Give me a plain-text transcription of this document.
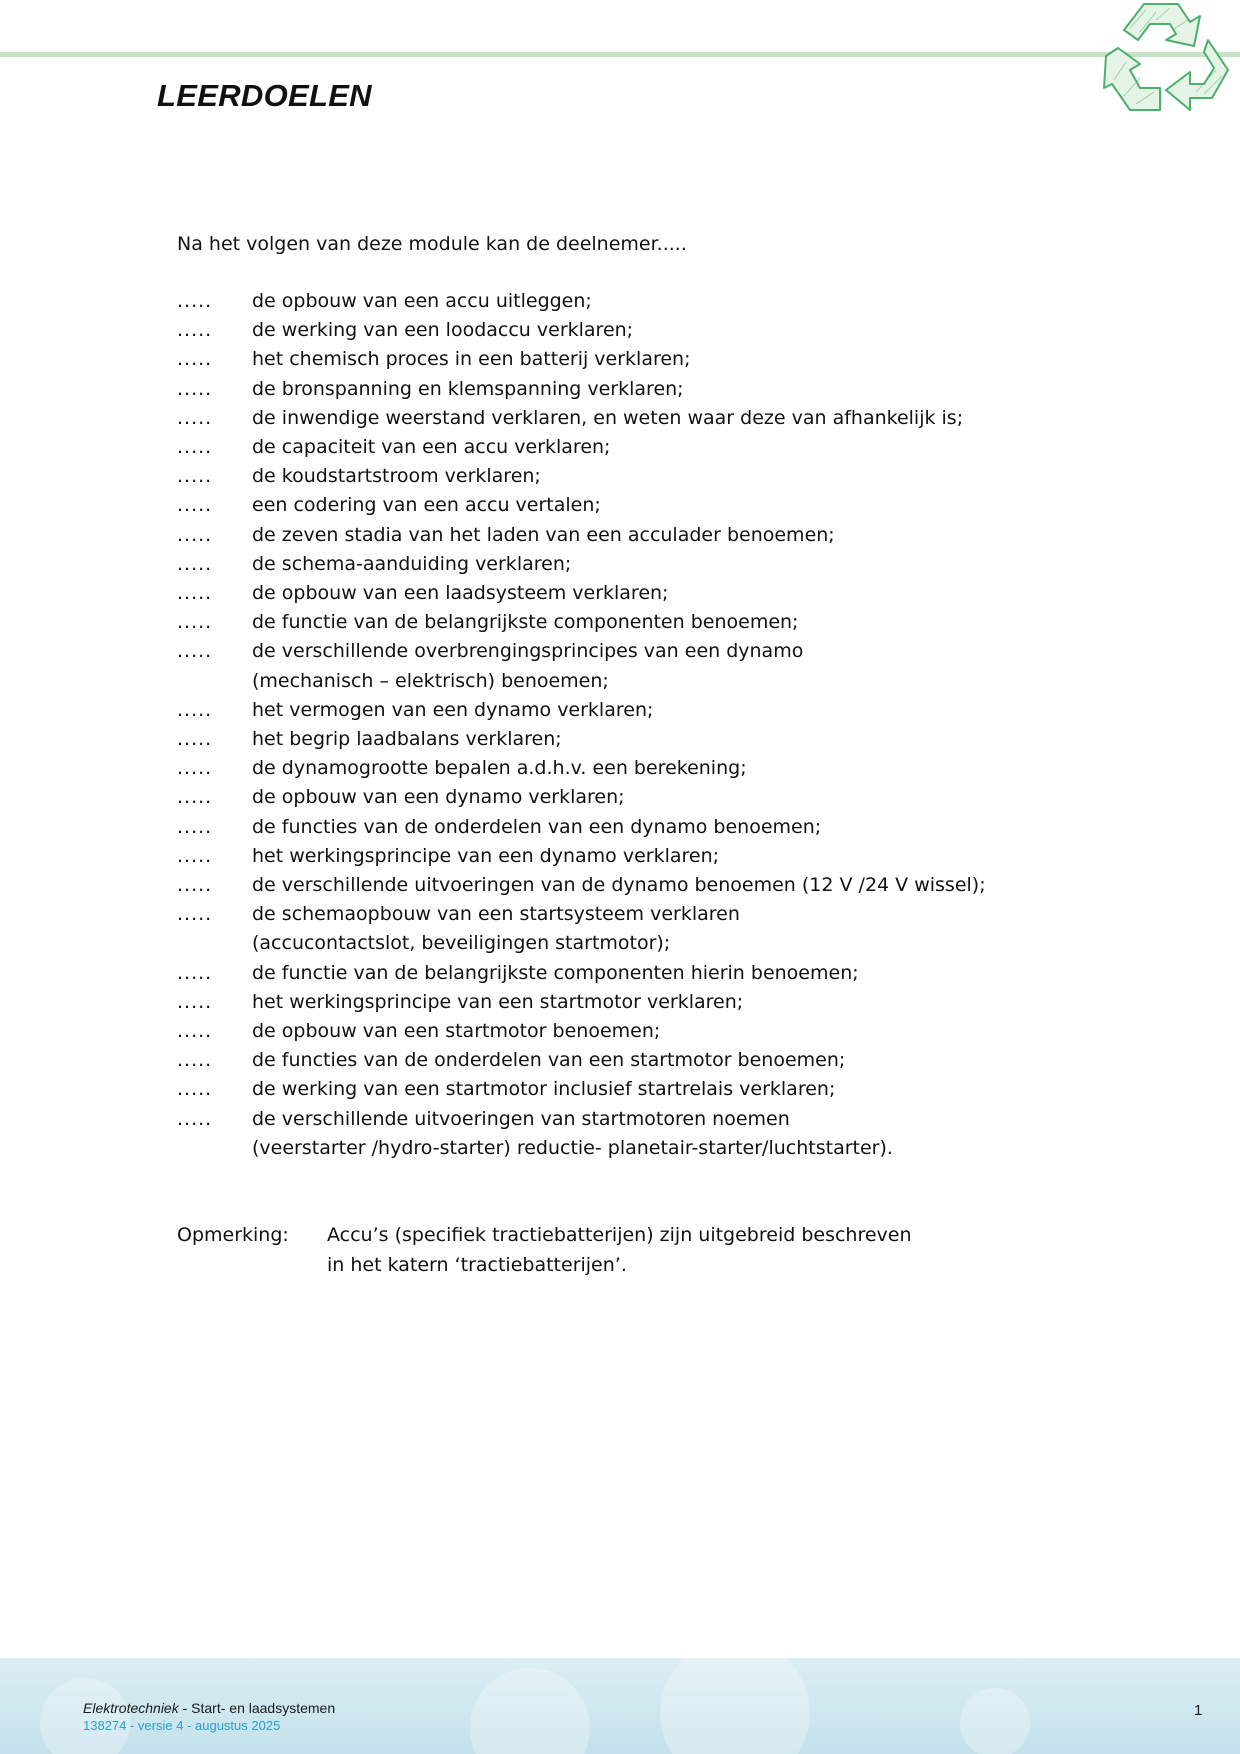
LEERDOELEN
Na het volgen van deze module kan de deelnemer.....
.....	de opbouw van een accu uitleggen;
.....	de werking van een loodaccu verklaren;
.....	het chemisch proces in een batterij verklaren;
.....	de bronspanning en klemspanning verklaren;
.....	de inwendige weerstand verklaren, en weten waar deze van afhankelijk is;
.....	de capaciteit van een accu verklaren;
.....	de koudstartstroom verklaren;
.....	een codering van een accu vertalen;
.....	de zeven stadia van het laden van een acculader benoemen;
.....	de schema-aanduiding verklaren;
.....	de opbouw van een laadsysteem verklaren;
.....	de functie van de belangrijkste componenten benoemen;
.....	de verschillende overbrengingsprincipes van een dynamo
(mechanisch – elektrisch) benoemen;
.....	het vermogen van een dynamo verklaren;
.....	het begrip laadbalans verklaren;
.....	de dynamogrootte bepalen a.d.h.v. een berekening;
.....	de opbouw van een dynamo verklaren;
.....	de functies van de onderdelen van een dynamo benoemen;
.....	het werkingsprincipe van een dynamo verklaren;
.....	de verschillende uitvoeringen van de dynamo benoemen (12 V /24 V wissel);
.....	de schemaopbouw van een startsysteem verklaren
(accucontactslot, beveiligingen startmotor);
.....	de functie van de belangrijkste componenten hierin benoemen;
.....	het werkingsprincipe van een startmotor verklaren;
.....	de opbouw van een startmotor benoemen;
.....	de functies van de onderdelen van een startmotor benoemen;
.....	de werking van een startmotor inclusief startrelais verklaren;
.....	de verschillende uitvoeringen van startmotoren noemen
(veerstarter /hydro-starter) reductie- planetair-starter/luchtstarter).
Opmerking:	Accu’s (specifiek tractiebatterijen) zijn uitgebreid beschreven
in het katern ‘tractiebatterijen’.
Elektrotechniek - Start- en laadsystemen
138274 - versie 4 - augustus 2025
1
